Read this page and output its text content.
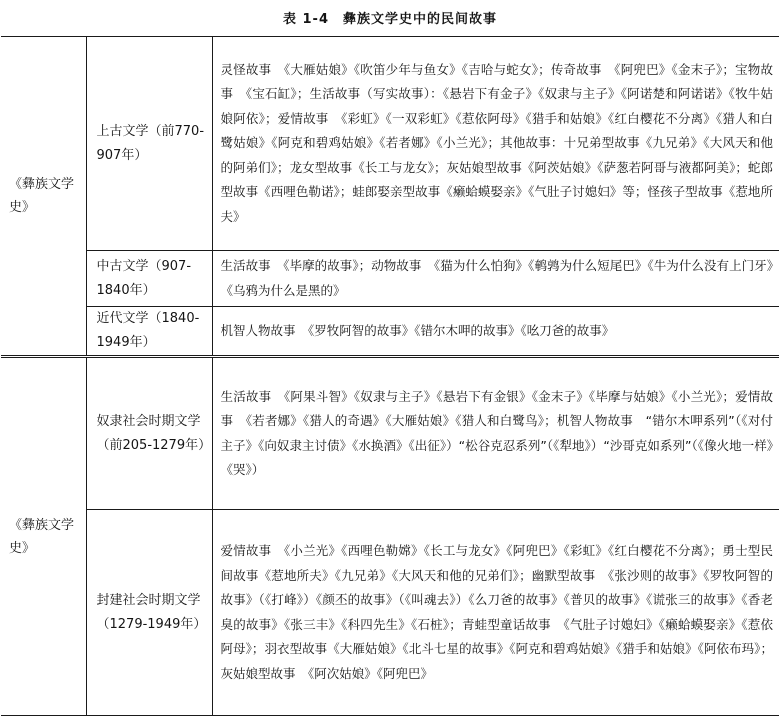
表 1-4　彝族文学史中的民间故事
《彝族文学史》	上古文学（前770-907年）	灵怪故事　《大雁姑娘》《吹笛少年与鱼女》《吉哈与蛇女》；传奇故事　《阿兜巴》《金末子》；宝物故事　《宝石缸》；生活故事（写实故事）：《悬岩下有金子》《奴隶与主子》《阿诺楚和阿诺诺》《牧牛姑娘阿依》；爱情故事　《彩虹》《一双彩虹》《惹依阿母》《猎手和姑娘》《红白樱花不分离》《猎人和白鹭姑娘》《阿克和碧鸡姑娘》《若者娜》《小兰光》；其他故事：十兄弟型故事《九兄弟》《大风天和他的阿弟们》；龙女型故事《长工与龙女》；灰姑娘型故事《阿茨姑娘》《萨葱若阿哥与液都阿美》；蛇郎型故事《西哩色勒诺》；蛙郎娶亲型故事《癞蛤蟆娶亲》《气肚子讨媳妇》等；怪孩子型故事《惹地所夫》
	中古文学（907-1840年）	生活故事　《毕摩的故事》；动物故事　《猫为什么怕狗》《鹌鹑为什么短尾巴》《牛为什么没有上门牙》《乌鸦为什么是黑的》
	近代文学（1840-1949年）	机智人物故事　《罗牧阿智的故事》《错尔木呷的故事》《吆刀爸的故事》
《彝族文学史》	奴隶社会时期文学（前205-1279年）	生活故事　《阿果斗智》《奴隶与主子》《悬岩下有金银》《金末子》《毕摩与姑娘》《小兰光》；爱情故事　《若者娜》《猎人的奇遇》《大雁姑娘》《猎人和白鹭鸟》；机智人物故事　“错尔木呷系列”（《对付主子》《向奴隶主讨债》《水换酒》《出征》）“松谷克忍系列”（《犁地》）“沙哥克如系列”（《像火地一样》《哭》）
	封建社会时期文学（1279-1949年）	爱情故事　《小兰光》《西哩色勒嫦》《长工与龙女》《阿兜巴》《彩虹》《红白樱花不分离》；勇士型民间故事《惹地所夫》《九兄弟》《大风天和他的兄弟们》；幽默型故事　《张沙则的故事》《罗牧阿智的故事》（《打峰》）《颜丕的故事》（《叫魂去》）《么刀爸的故事》《普贝的故事》《谎张三的故事》《香老臭的故事》《张三丰》《科四先生》《石桩》；青蛙型童话故事　《气肚子讨媳妇》《癞蛤蟆娶亲》《惹依阿母》；羽衣型故事《大雁姑娘》《北斗七星的故事》《阿克和碧鸡姑娘》《猎手和姑娘》《阿依布玛》；灰姑娘型故事　《阿次姑娘》《阿兜巴》
